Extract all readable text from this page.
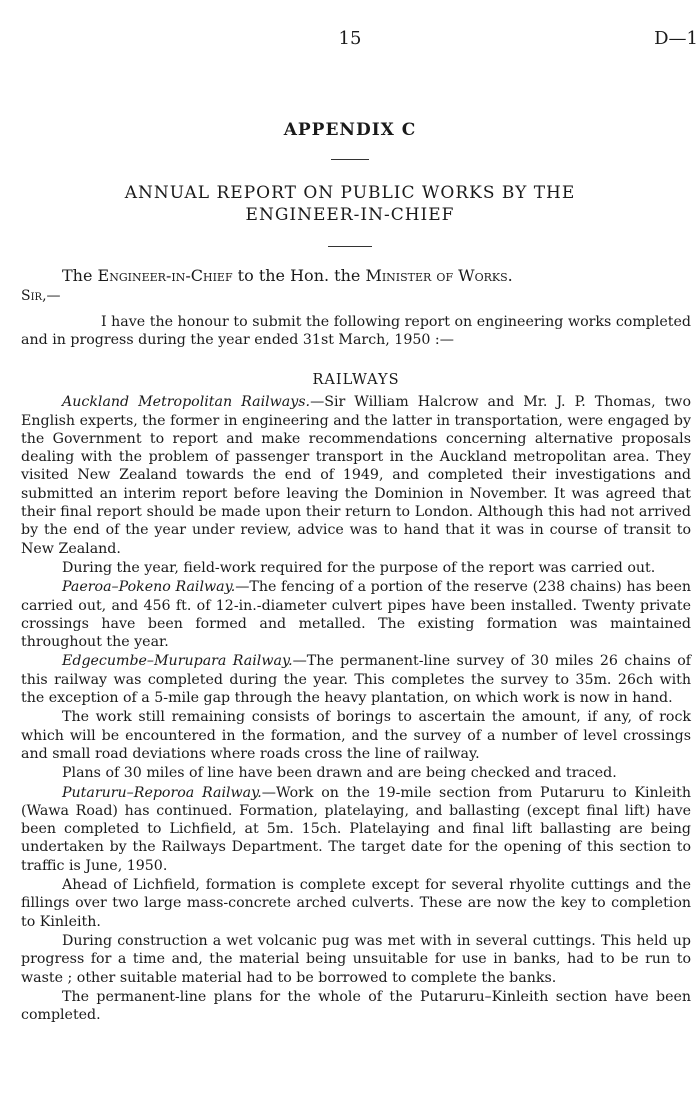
15	D—1
APPENDIX C
ANNUAL REPORT ON PUBLIC WORKS BY THE
ENGINEER-IN-CHIEF
The Engineer-in-Chief to the Hon. the Minister of Works.
Sir,—

I have the honour to submit the following report on engineering works completed and in progress during the year ended 31st March, 1950 :—

RAILWAYS

Auckland Metropolitan Railways.—Sir William Halcrow and Mr. J. P. Thomas, two English experts, the former in engineering and the latter in transportation, were engaged by the Government to report and make recommendations concerning alternative proposals dealing with the problem of passenger transport in the Auckland metropolitan area. They visited New Zealand towards the end of 1949, and completed their investigations and submitted an interim report before leaving the Dominion in November. It was agreed that their final report should be made upon their return to London. Although this had not arrived by the end of the year under review, advice was to hand that it was in course of transit to New Zealand.

During the year, field-work required for the purpose of the report was carried out.

Paeroa–Pokeno Railway.—The fencing of a portion of the reserve (238 chains) has been carried out, and 456 ft. of 12-in.-diameter culvert pipes have been installed. Twenty private crossings have been formed and metalled. The existing formation was maintained throughout the year.

Edgecumbe–Murupara Railway.—The permanent-line survey of 30 miles 26 chains of this railway was completed during the year. This completes the survey to 35m. 26ch with the exception of a 5-mile gap through the heavy plantation, on which work is now in hand.

The work still remaining consists of borings to ascertain the amount, if any, of rock which will be encountered in the formation, and the survey of a number of level crossings and small road deviations where roads cross the line of railway.

Plans of 30 miles of line have been drawn and are being checked and traced.

Putaruru–Reporoa Railway.—Work on the 19-mile section from Putaruru to Kinleith (Wawa Road) has continued. Formation, platelaying, and ballasting (except final lift) have been completed to Lichfield, at 5m. 15ch. Platelaying and final lift ballasting are being undertaken by the Railways Department. The target date for the opening of this section to traffic is June, 1950.

Ahead of Lichfield, formation is complete except for several rhyolite cuttings and the fillings over two large mass-concrete arched culverts. These are now the key to completion to Kinleith.

During construction a wet volcanic pug was met with in several cuttings. This held up progress for a time and, the material being unsuitable for use in banks, had to be run to waste ; other suitable material had to be borrowed to complete the banks.

The permanent-line plans for the whole of the Putaruru–Kinleith section have been completed.
